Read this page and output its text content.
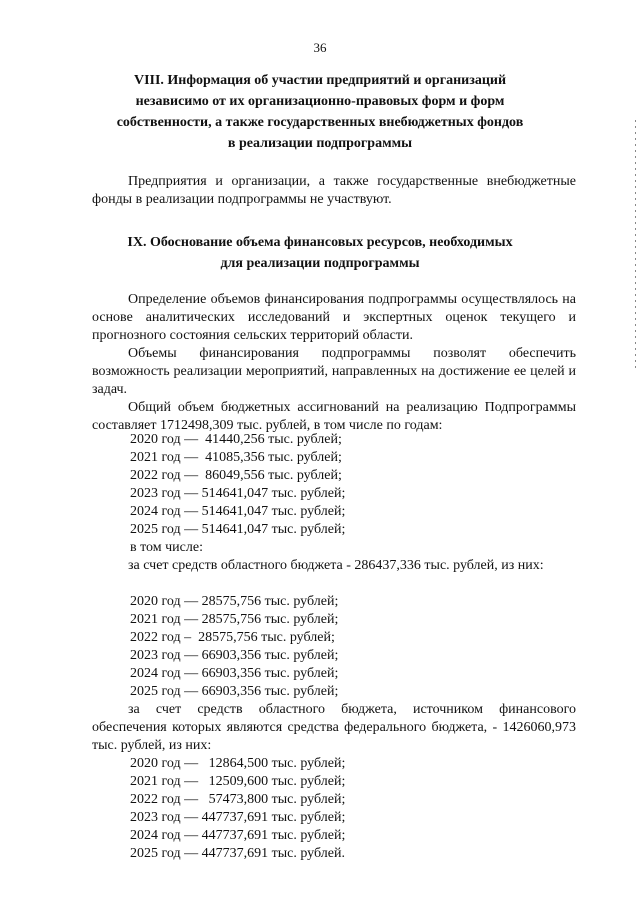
36
VIII. Информация об участии предприятий и организаций
независимо от их организационно-правовых форм и форм
собственности, а также государственных внебюджетных фондов
в реализации подпрограммы
Предприятия и организации, а также государственные внебюджетные фонды в реализации подпрограммы не участвуют.
IX. Обоснование объема финансовых ресурсов, необходимых
для реализации подпрограммы
Определение объемов финансирования подпрограммы осуществлялось на основе аналитических исследований и экспертных оценок текущего и прогнозного состояния сельских территорий области.
Объемы финансирования подпрограммы позволят обеспечить возможность реализации мероприятий, направленных на достижение ее целей и задач.
Общий объем бюджетных ассигнований на реализацию Подпрограммы составляет 1712498,309 тыс. рублей, в том числе по годам:
2020 год —  41440,256 тыс. рублей;
2021 год —  41085,356 тыс. рублей;
2022 год —  86049,556 тыс. рублей;
2023 год — 514641,047 тыс. рублей;
2024 год — 514641,047 тыс. рублей;
2025 год — 514641,047 тыс. рублей;
в том числе:
за счет средств областного бюджета - 286437,336 тыс. рублей, из них:
2020 год — 28575,756 тыс. рублей;
2021 год — 28575,756 тыс. рублей;
2022 год –  28575,756 тыс. рублей;
2023 год — 66903,356 тыс. рублей;
2024 год — 66903,356 тыс. рублей;
2025 год — 66903,356 тыс. рублей;
за счет средств областного бюджета, источником финансового обеспечения которых являются средства федерального бюджета, - 1426060,973 тыс. рублей, из них:
2020 год —   12864,500 тыс. рублей;
2021 год —   12509,600 тыс. рублей;
2022 год —   57473,800 тыс. рублей;
2023 год — 447737,691 тыс. рублей;
2024 год — 447737,691 тыс. рублей;
2025 год — 447737,691 тыс. рублей.
